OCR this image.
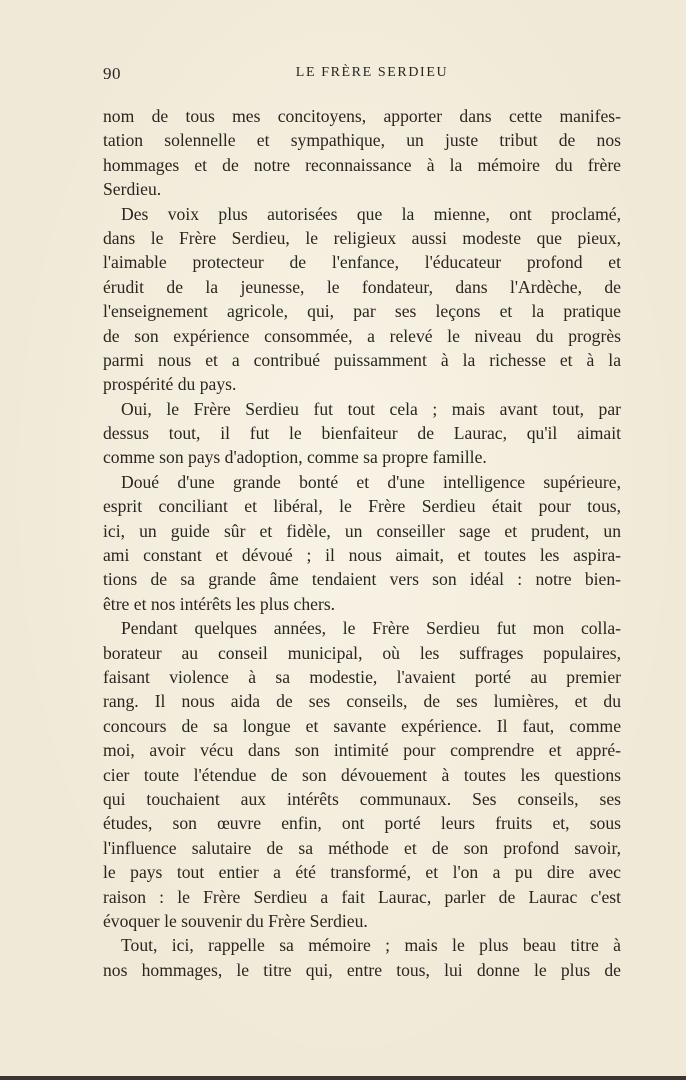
90	LE FRÈRE SERDIEU
nom de tous mes concitoyens, apporter dans cette manifes-
tation solennelle et sympathique, un juste tribut de nos
hommages et de notre reconnaissance à la mémoire du frère
Serdieu.
Des voix plus autorisées que la mienne, ont proclamé,
dans le Frère Serdieu, le religieux aussi modeste que pieux,
l'aimable protecteur de l'enfance, l'éducateur profond et
érudit de la jeunesse, le fondateur, dans l'Ardèche, de
l'enseignement agricole, qui, par ses leçons et la pratique
de son expérience consommée, a relevé le niveau du progrès
parmi nous et a contribué puissamment à la richesse et à la
prospérité du pays.
Oui, le Frère Serdieu fut tout cela ; mais avant tout, par
dessus tout, il fut le bienfaiteur de Laurac, qu'il aimait
comme son pays d'adoption, comme sa propre famille.
Doué d'une grande bonté et d'une intelligence supérieure,
esprit conciliant et libéral, le Frère Serdieu était pour tous,
ici, un guide sûr et fidèle, un conseiller sage et prudent, un
ami constant et dévoué ; il nous aimait, et toutes les aspira-
tions de sa grande âme tendaient vers son idéal : notre bien-
être et nos intérêts les plus chers.
Pendant quelques années, le Frère Serdieu fut mon colla-
borateur au conseil municipal, où les suffrages populaires,
faisant violence à sa modestie, l'avaient porté au premier
rang. Il nous aida de ses conseils, de ses lumières, et du
concours de sa longue et savante expérience. Il faut, comme
moi, avoir vécu dans son intimité pour comprendre et appré-
cier toute l'étendue de son dévouement à toutes les questions
qui touchaient aux intérêts communaux. Ses conseils, ses
études, son œuvre enfin, ont porté leurs fruits et, sous
l'influence salutaire de sa méthode et de son profond savoir,
le pays tout entier a été transformé, et l'on a pu dire avec
raison : le Frère Serdieu a fait Laurac, parler de Laurac c'est
évoquer le souvenir du Frère Serdieu.
Tout, ici, rappelle sa mémoire ; mais le plus beau titre à
nos hommages, le titre qui, entre tous, lui donne le plus de
